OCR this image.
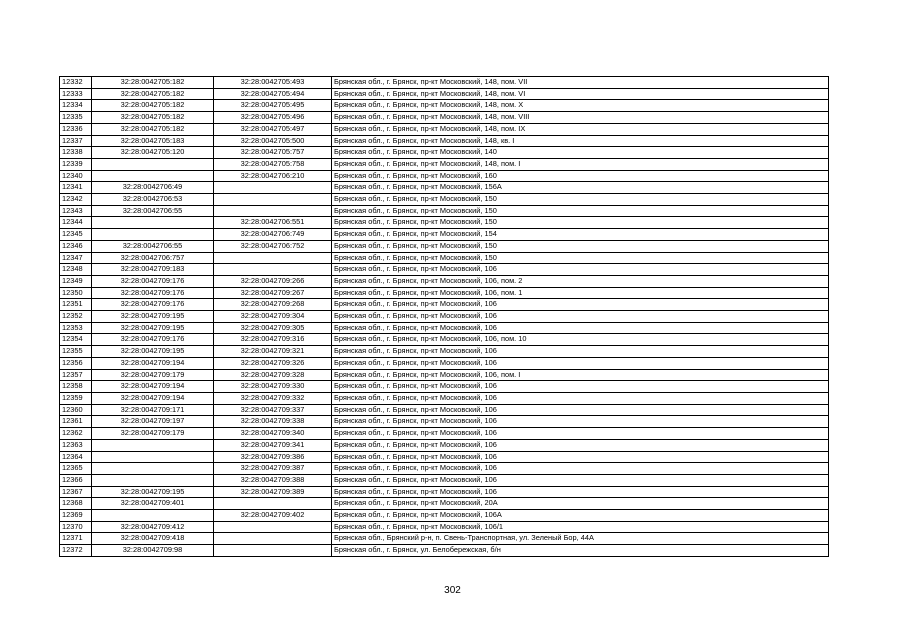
12332	32:28:0042705:182	32:28:0042705:493	Брянская обл., г. Брянск, пр-кт Московский, 148, пом. VII
12333	32:28:0042705:182	32:28:0042705:494	Брянская обл., г. Брянск, пр-кт Московский, 148, пом. VI
12334	32:28:0042705:182	32:28:0042705:495	Брянская обл., г. Брянск, пр-кт Московский, 148, пом. X
12335	32:28:0042705:182	32:28:0042705:496	Брянская обл., г. Брянск, пр-кт Московский, 148, пом. VIII
12336	32:28:0042705:182	32:28:0042705:497	Брянская обл., г. Брянск, пр-кт Московский, 148, пом. IX
12337	32:28:0042705:183	32:28:0042705:500	Брянская обл., г. Брянск, пр-кт Московский, 148, кв. I
12338	32:28:0042705:120	32:28:0042705:757	Брянская обл., г. Брянск, пр-кт Московский, 140
12339		32:28:0042705:758	Брянская обл., г. Брянск, пр-кт Московский, 148, пом. I
12340		32:28:0042706:210	Брянская обл., г. Брянск, пр-кт Московский, 160
12341	32:28:0042706:49		Брянская обл., г. Брянск, пр-кт Московский, 156А
12342	32:28:0042706:53		Брянская обл., г. Брянск, пр-кт Московский, 150
12343	32:28:0042706:55		Брянская обл., г. Брянск, пр-кт Московский, 150
12344		32:28:0042706:551	Брянская обл., г. Брянск, пр-кт Московский, 150
12345		32:28:0042706:749	Брянская обл., г. Брянск, пр-кт Московский, 154
12346	32:28:0042706:55	32:28:0042706:752	Брянская обл., г. Брянск, пр-кт Московский, 150
12347	32:28:0042706:757		Брянская обл., г. Брянск, пр-кт Московский, 150
12348	32:28:0042709:183		Брянская обл., г. Брянск, пр-кт Московский, 106
12349	32:28:0042709:176	32:28:0042709:266	Брянская обл., г. Брянск, пр-кт Московский, 106, пом. 2
12350	32:28:0042709:176	32:28:0042709:267	Брянская обл., г. Брянск, пр-кт Московский, 106, пом. 1
12351	32:28:0042709:176	32:28:0042709:268	Брянская обл., г. Брянск, пр-кт Московский, 106
12352	32:28:0042709:195	32:28:0042709:304	Брянская обл., г. Брянск, пр-кт Московский, 106
12353	32:28:0042709:195	32:28:0042709:305	Брянская обл., г. Брянск, пр-кт Московский, 106
12354	32:28:0042709:176	32:28:0042709:316	Брянская обл., г. Брянск, пр-кт Московский, 106, пом. 10
12355	32:28:0042709:195	32:28:0042709:321	Брянская обл., г. Брянск, пр-кт Московский, 106
12356	32:28:0042709:194	32:28:0042709:326	Брянская обл., г. Брянск, пр-кт Московский, 106
12357	32:28:0042709:179	32:28:0042709:328	Брянская обл., г. Брянск, пр-кт Московский, 106, пом. I
12358	32:28:0042709:194	32:28:0042709:330	Брянская обл., г. Брянск, пр-кт Московский, 106
12359	32:28:0042709:194	32:28:0042709:332	Брянская обл., г. Брянск, пр-кт Московский, 106
12360	32:28:0042709:171	32:28:0042709:337	Брянская обл., г. Брянск, пр-кт Московский, 106
12361	32:28:0042709:197	32:28:0042709:338	Брянская обл., г. Брянск, пр-кт Московский, 106
12362	32:28:0042709:179	32:28:0042709:340	Брянская обл., г. Брянск, пр-кт Московский, 106
12363		32:28:0042709:341	Брянская обл., г. Брянск, пр-кт Московский, 106
12364		32:28:0042709:386	Брянская обл., г. Брянск, пр-кт Московский, 106
12365		32:28:0042709:387	Брянская обл., г. Брянск, пр-кт Московский, 106
12366		32:28:0042709:388	Брянская обл., г. Брянск, пр-кт Московский, 106
12367	32:28:0042709:195	32:28:0042709:389	Брянская обл., г. Брянск, пр-кт Московский, 106
12368	32:28:0042709:401		Брянская обл., г. Брянск, пр-кт Московский, 20А
12369		32:28:0042709:402	Брянская обл., г. Брянск, пр-кт Московский, 106А
12370	32:28:0042709:412		Брянская обл., г. Брянск, пр-кт Московский, 106/1
12371	32:28:0042709:418		Брянская обл., Брянский р-н, п. Свень-Транспортная, ул. Зеленый Бор, 44А
12372	32:28:0042709:98		Брянская обл., г. Брянск, ул. Белобережская, б/н
302
